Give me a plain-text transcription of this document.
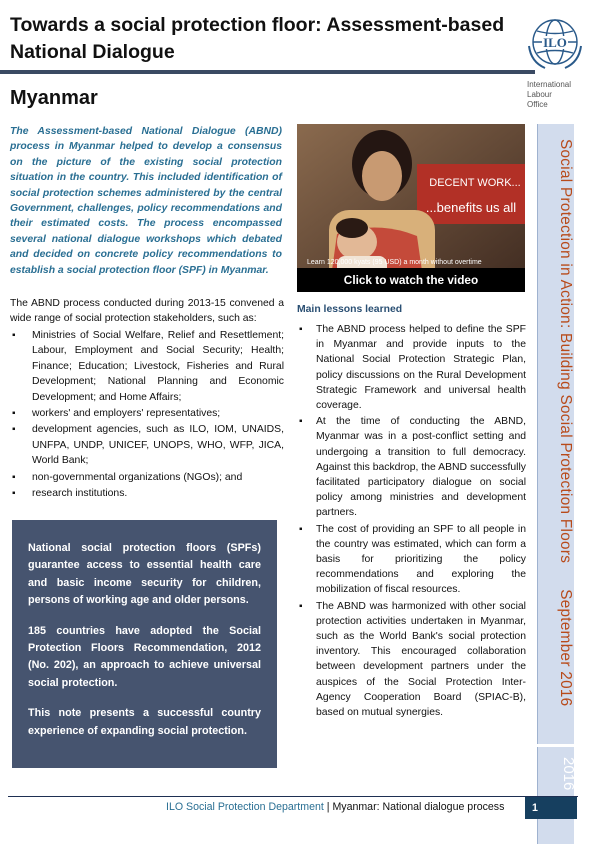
Towards a social protection floor: Assessment-based National Dialogue
Myanmar
ILO
International
Labour
Office

The Assessment-based National Dialogue (ABND) process in Myanmar helped to develop a consensus on the picture of the existing social protection situation in the country. This included identification of social protection schemes administered by the central Government, challenges, policy recommendations and their estimated costs. The process encompassed several national dialogue workshops which debated and decided on concrete policy recommendations to establish a social protection floor (SPF) in Myanmar.

The ABND process conducted during 2013-15 convened a wide range of social protection stakeholders, such as:

▪ Ministries of Social Welfare, Relief and Resettlement; Labour, Employment and Social Security; Health; Finance; Education; Livestock, Fisheries and Rural Development; National Planning and Economic Development; and Home Affairs;
▪ workers' and employers' representatives;
▪ development agencies, such as ILO, IOM, UNAIDS, UNFPA, UNDP, UNICEF, UNOPS, WHO, WFP, JICA, World Bank;
▪ non-governmental organizations (NGOs); and
▪ research institutions.

National social protection floors (SPFs) guarantee access to essential health care and basic income security for children, persons of working age and older persons.

185 countries have adopted the Social Protection Floors Recommendation, 2012 (No. 202), an approach to achieve universal social protection.

This note presents a successful country experience of expanding social protection.

DECENT WORK...
...benefits us all
Learn 120,000 kyats (95 USD) a month without overtime
Click to watch the video
Main lessons learned
▪ The ABND process helped to define the SPF in Myanmar and provide inputs to the National Social Protection Strategic Plan, policy discussions on the Rural Development Strategic Framework and universal health coverage.
▪ At the time of conducting the ABND, Myanmar was in a post-conflict setting and undergoing a transition to full democracy. Against this backdrop, the ABND successfully facilitated participatory dialogue on social policy among ministries and development partners.
▪ The cost of providing an SPF to all people in the country was estimated, which can form a basis for prioritizing the policy recommendations and exploring the mobilization of fiscal resources.
▪ The ABND was harmonized with other social protection activities undertaken in Myanmar, such as the World Bank's social protection inventory. This encouraged collaboration between development partners under the auspices of the Social Protection Inter-Agency Cooperation Board (SPIAC-B), based on mutual synergies.
Social Protection in Action: Building Social Protection FloorsSeptember 2016
2016
ILO Social Protection Department | Myanmar: National dialogue process	1
